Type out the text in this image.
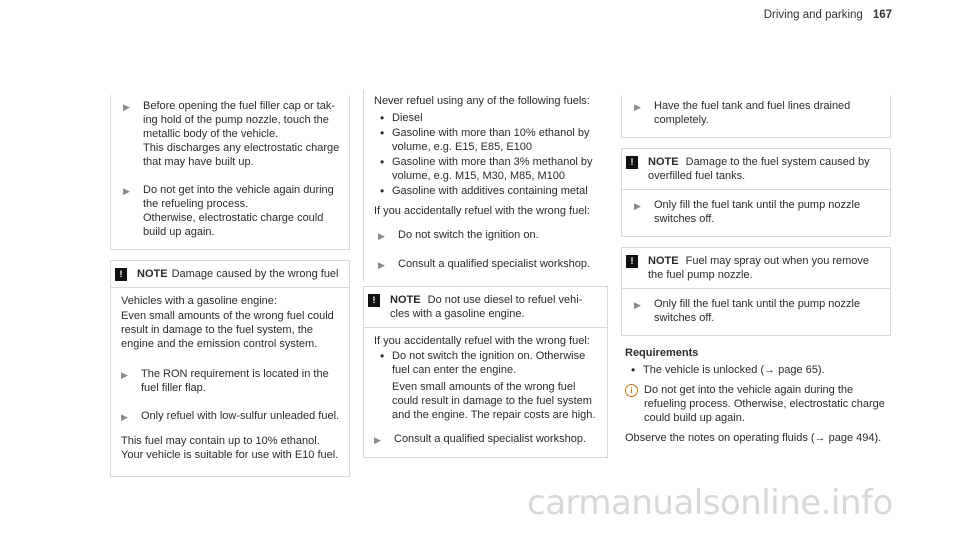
Driving and parking 167
▶	Before opening the fuel filler cap or tak- ing hold of the pump nozzle, touch the metallic body of the vehicle.
This discharges any electrostatic charge that may have built up.
▶	Do not get into the vehicle again during the refueling process.
Otherwise, electrostatic charge could build up again.
!	NOTE Damage caused by the wrong fuel

Vehicles with a gasoline engine:

Even small amounts of the wrong fuel could result in damage to the fuel system, the engine and the emission control system.

▶	The RON requirement is located in the fuel filler flap.
▶	Only refuel with low-sulfur unleaded fuel.

This fuel may contain up to 10% ethanol. Your vehicle is suitable for use with E10 fuel.

Never refuel using any of the following fuels:

• Diesel
• Gasoline with more than 10% ethanol by volume, e.g. E15, E85, E100
• Gasoline with more than 3% methanol by volume, e.g. M15, M30, M85, M100
• Gasoline with additives containing metal

If you accidentally refuel with the wrong fuel:

▶	Do not switch the ignition on.
▶	Consult a qualified specialist workshop.
!	NOTE Do not use diesel to refuel vehi- cles with a gasoline engine.

If you accidentally refuel with the wrong fuel:

• Do not switch the ignition on. Otherwise fuel can enter the engine.
Even small amounts of the wrong fuel could result in damage to the fuel system and the engine. The repair costs are high.
▶	Consult a qualified specialist workshop.
▶	Have the fuel tank and fuel lines drained completely.
!	NOTE Damage to the fuel system caused by overfilled fuel tanks.
▶	Only fill the fuel tank until the pump nozzle switches off.
!	NOTE Fuel may spray out when you remove the fuel pump nozzle.
▶	Only fill the fuel tank until the pump nozzle switches off.

Requirements

• The vehicle is unlocked (→ page 65).
i	Do not get into the vehicle again during the refueling process. Otherwise, electrostatic charge could build up again.

Observe the notes on operating fluids (→ page 494).

carmanualsonline.info
